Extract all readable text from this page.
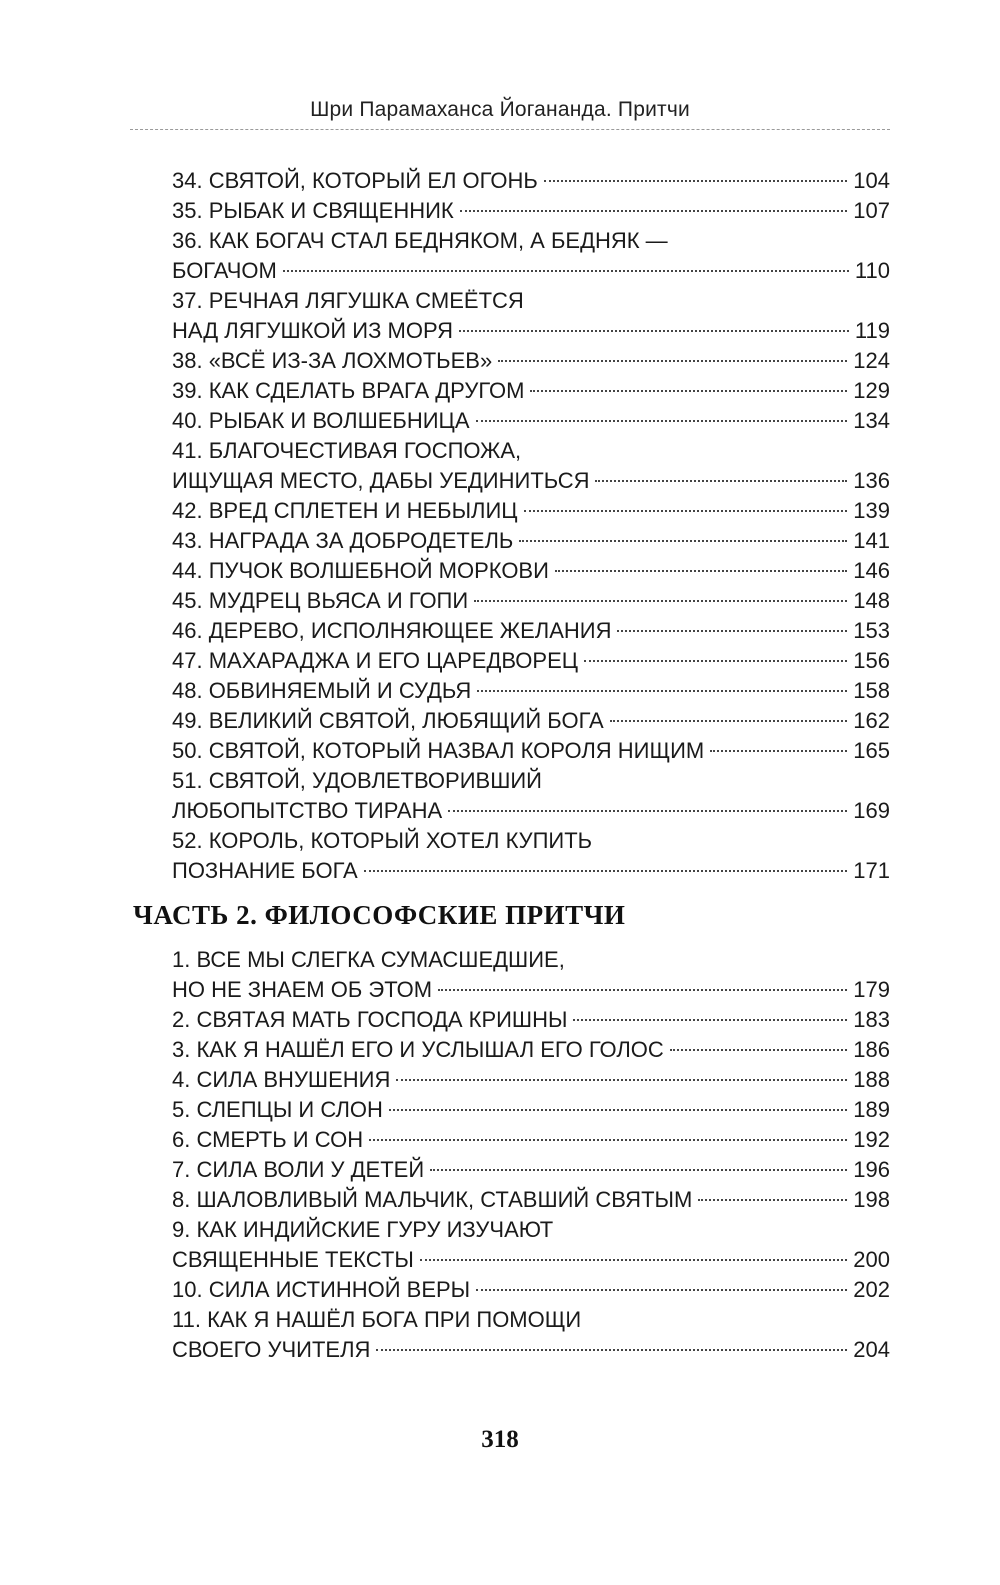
Шри Парамаханса Йогананда. Притчи
34. СВЯТОЙ, КОТОРЫЙ ЕЛ ОГОНЬ	104
35. РЫБАК И СВЯЩЕННИК	107
36. КАК БОГАЧ СТАЛ БЕДНЯКОМ, А БЕДНЯК —
БОГАЧОМ	110
37. РЕЧНАЯ ЛЯГУШКА СМЕЁТСЯ
НАД ЛЯГУШКОЙ ИЗ МОРЯ	119
38. «ВСЁ ИЗ-ЗА ЛОХМОТЬЕВ»	124
39. КАК СДЕЛАТЬ ВРАГА ДРУГОМ	129
40. РЫБАК И ВОЛШЕБНИЦА	134
41. БЛАГОЧЕСТИВАЯ ГОСПОЖА,
ИЩУЩАЯ МЕСТО, ДАБЫ УЕДИНИТЬСЯ	136
42. ВРЕД СПЛЕТЕН И НЕБЫЛИЦ	139
43. НАГРАДА ЗА ДОБРОДЕТЕЛЬ	141
44. ПУЧОК ВОЛШЕБНОЙ МОРКОВИ	146
45. МУДРЕЦ ВЬЯСА И ГОПИ	148
46. ДЕРЕВО, ИСПОЛНЯЮЩЕЕ ЖЕЛАНИЯ	153
47. МАХАРАДЖА И ЕГО ЦАРЕДВОРЕЦ	156
48. ОБВИНЯЕМЫЙ И СУДЬЯ	158
49. ВЕЛИКИЙ СВЯТОЙ, ЛЮБЯЩИЙ БОГА	162
50. СВЯТОЙ, КОТОРЫЙ НАЗВАЛ КОРОЛЯ НИЩИМ	165
51. СВЯТОЙ, УДОВЛЕТВОРИВШИЙ
ЛЮБОПЫТСТВО ТИРАНА	169
52. КОРОЛЬ, КОТОРЫЙ ХОТЕЛ КУПИТЬ
ПОЗНАНИЕ БОГА	171
ЧАСТЬ 2. ФИЛОСОФСКИЕ ПРИТЧИ
1. ВСЕ МЫ СЛЕГКА СУМАСШЕДШИЕ,
НО НЕ ЗНАЕМ ОБ ЭТОМ	179
2. СВЯТАЯ МАТЬ ГОСПОДА КРИШНЫ	183
3. КАК Я НАШЁЛ ЕГО И УСЛЫШАЛ ЕГО ГОЛОС	186
4. СИЛА ВНУШЕНИЯ	188
5. СЛЕПЦЫ И СЛОН	189
6. СМЕРТЬ И СОН	192
7. СИЛА ВОЛИ У ДЕТЕЙ	196
8. ШАЛОВЛИВЫЙ МАЛЬЧИК, СТАВШИЙ СВЯТЫМ	198
9. КАК ИНДИЙСКИЕ ГУРУ ИЗУЧАЮТ
СВЯЩЕННЫЕ ТЕКСТЫ	200
10. СИЛА ИСТИННОЙ ВЕРЫ	202
11. КАК Я НАШЁЛ БОГА ПРИ ПОМОЩИ
СВОЕГО УЧИТЕЛЯ	204
318
